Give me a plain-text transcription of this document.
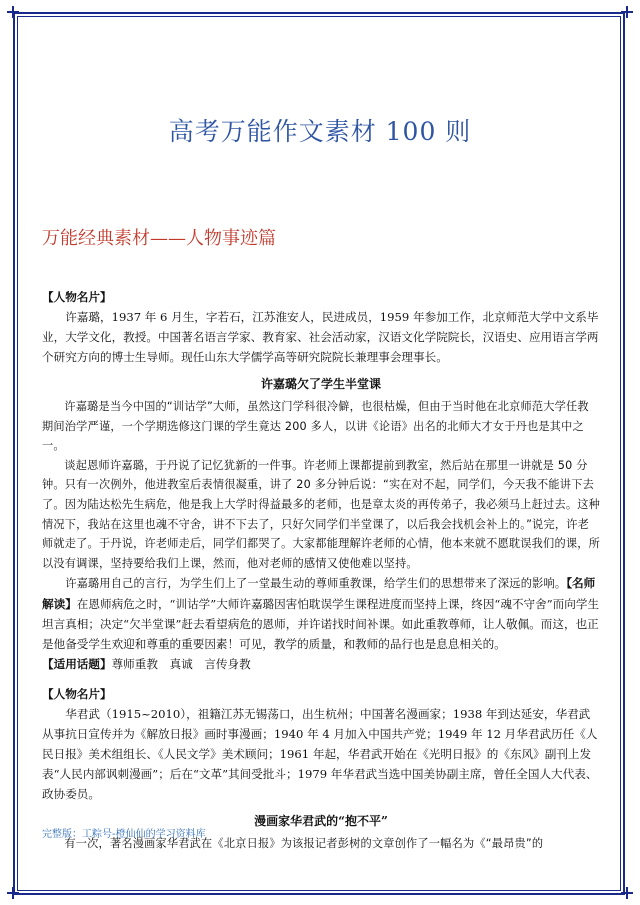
高考万能作文素材 100 则
万能经典素材——人物事迹篇

【人物名片】

许嘉璐，1937 年 6 月生，字若石，江苏淮安人，民进成员，1959 年参加工作，北京师范大学中文系毕业，大学文化，教授。中国著名语言学家、教育家、社会活动家，汉语文化学院院长，汉语史、应用语言学两个研究方向的博士生导师。现任山东大学儒学高等研究院院长兼理事会理事长。

许嘉璐欠了学生半堂课

许嘉璐是当今中国的“训诂学”大师，虽然这门学科很冷僻，也很枯燥，但由于当时他在北京师范大学任教期间治学严谨，一个学期选修这门课的学生竟达 200 多人，以讲《论语》出名的北师大才女于丹也是其中之一。

谈起恩师许嘉璐，于丹说了记忆犹新的一件事。许老师上课都提前到教室，然后站在那里一讲就是 50 分钟。只有一次例外，他进教室后表情很凝重，讲了 20 多分钟后说：“实在对不起，同学们，今天我不能讲下去了。因为陆达松先生病危，他是我上大学时得益最多的老师，也是章太炎的再传弟子，我必须马上赶过去。这种情况下，我站在这里也魂不守舍，讲不下去了，只好欠同学们半堂课了，以后我会找机会补上的。”说完，许老师就走了。于丹说，许老师走后，同学们都哭了。大家都能理解许老师的心情，他本来就不愿耽误我们的课，所以没有调课，坚持要给我们上课，然而，他对老师的感情又使他难以坚持。

许嘉璐用自己的言行，为学生们上了一堂最生动的尊师重教课，给学生们的思想带来了深远的影响。【名师解读】在恩师病危之时，“训诂学”大师许嘉璐因害怕耽误学生课程进度而坚持上课，终因“魂不守舍”而向学生坦言真相；决定“欠半堂课”赶去看望病危的恩师，并许诺找时间补课。如此重教尊师，让人敬佩。而这，也正是他备受学生欢迎和尊重的重要因素！可见，教学的质量，和教师的品行也是息息相关的。

【适用话题】尊师重教　真诚　言传身教

【人物名片】

华君武（1915~2010），祖籍江苏无锡荡口，出生杭州；中国著名漫画家；1938 年到达延安，华君武从事抗日宣传并为《解放日报》画时事漫画；1940 年 4 月加入中国共产党；1949 年 12 月华君武历任《人民日报》美术组组长、《人民文学》美术顾问；1961 年起，华君武开始在《光明日报》的《东风》副刊上发表“人民内部讽刺漫画”；后在“文革”其间受批斗；1979 年华君武当选中国美协副主席，曾任全国人大代表、政协委员。

漫画家华君武的“抱不平”

有一次，著名漫画家华君武在《北京日报》为该报记者彭树的文章创作了一幅名为《“最昂贵”的

完整版：工粽号-橙仙仙的学习资料库
